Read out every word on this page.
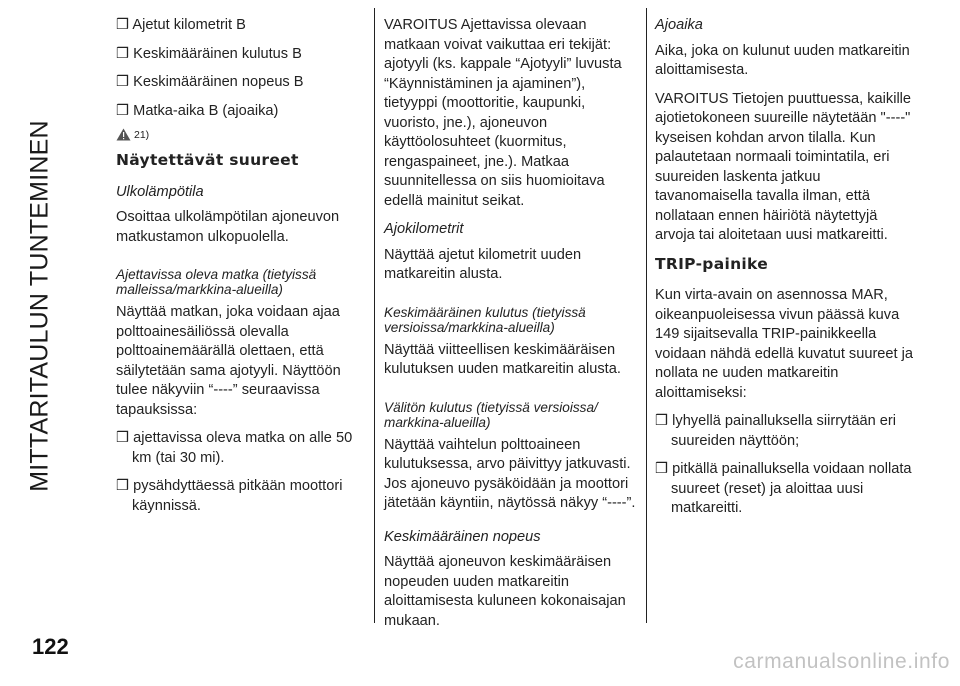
MITTARITAULUN TUNTEMINEN
❒ Ajetut kilometrit B
❒ Keskimääräinen kulutus B
❒ Keskimääräinen nopeus B
❒ Matka-aika B (ajoaika)
21)
Näytettävät suureet
Ulkolämpötila

Osoittaa ulkolämpötilan ajoneuvon matkustamon ulkopuolella.

Ajettavissa oleva matka (tietyissä malleissa/markkina-alueilla)

Näyttää matkan, joka voidaan ajaa polttoainesäiliössä olevalla polttoainemäärällä olettaen, että säilytetään sama ajotyyli. Näyttöön tulee näkyviin “----” seuraavissa tapauksissa:

❒ ajettavissa oleva matka on alle 50 km (tai 30 mi).
❒ pysähdyttäessä pitkään moottori käynnissä.

VAROITUS Ajettavissa olevaan matkaan voivat vaikuttaa eri tekijät: ajotyyli (ks. kappale “Ajotyyli” luvusta “Käynnistäminen ja ajaminen”), tietyyppi (moottoritie, kaupunki, vuoristo, jne.), ajoneuvon käyttöolosuhteet (kuormitus, rengaspaineet, jne.). Matkaa suunnitellessa on siis huomioitava edellä mainitut seikat.

Ajokilometrit

Näyttää ajetut kilometrit uuden matkareitin alusta.

Keskimääräinen kulutus (tietyissä versioissa/markkina-alueilla)

Näyttää viitteellisen keskimääräisen kulutuksen uuden matkareitin alusta.

Välitön kulutus (tietyissä versioissa/ markkina-alueilla)

Näyttää vaihtelun polttoaineen kulutuksessa, arvo päivittyy jatkuvasti. Jos ajoneuvo pysäköidään ja moottori jätetään käyntiin, näytössä näkyy “----”.

Keskimääräinen nopeus

Näyttää ajoneuvon keskimääräisen nopeuden uuden matkareitin aloittamisesta kuluneen kokonaisajan mukaan.

Ajoaika

Aika, joka on kulunut uuden matkareitin aloittamisesta.

VAROITUS Tietojen puuttuessa, kaikille ajotietokoneen suureille näytetään "----" kyseisen kohdan arvon tilalla. Kun palautetaan normaali toimintatila, eri suureiden laskenta jatkuu tavanomaisella tavalla ilman, että nollataan ennen häiriötä näytettyjä arvoja tai aloitetaan uusi matkareitti.

TRIP-painike

Kun virta-avain on asennossa MAR, oikeanpuoleisessa vivun päässä kuva 149 sijaitsevalla TRIP-painikkeella voidaan nähdä edellä kuvatut suureet ja nollata ne uuden matkareitin aloittamiseksi:

❒ lyhyellä painalluksella siirrytään eri suureiden näyttöön;
❒ pitkällä painalluksella voidaan nollata suureet (reset) ja aloittaa uusi matkareitti.
122
carmanualsonline.info
